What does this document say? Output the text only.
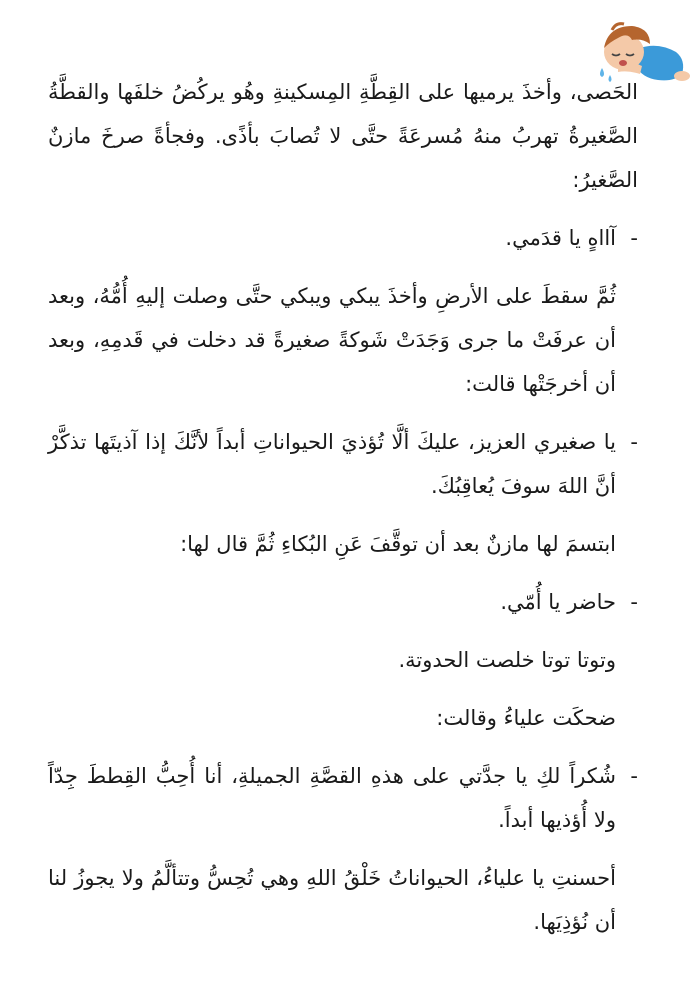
الحَصى، وأخذَ يرميها على القِطَّةِ المِسكينةِ وهُو يركُضُ خلفَها والقطَّةُ الصَّغيرةُ تهربُ منهُ مُسرعَةً حتَّى لا تُصابَ بأذًى. وفجأةً صرخَ مازنٌ الصَّغيرُ:

-
آااهٍ يا قدَمي.

ثُمَّ سقطَ على الأرضِ وأخذَ يبكي ويبكي حتَّى وصلت إليهِ أُمُّهُ، وبعد أن عرفَتْ ما جرى وَجَدَتْ شَوكةً صغيرةً قد دخلت في قَدمِهِ، وبعد أن أخرجَتْها قالت:

-
يا صغيري العزيز، عليكَ ألَّا تُؤذيَ الحيواناتِ أبداً لأنَّكَ إذا آذيتَها تذكَّرْ أنَّ اللهَ سوفَ يُعاقِبُكَ.

ابتسمَ لها مازنٌ بعد أن توقَّفَ عَنِ البُكاءِ ثُمَّ قال لها:

-
حاضر يا أُمّي.

وتوتا توتا خلصت الحدوتة.

ضحكَت علياءُ وقالت:

-
شُكراً لكِ يا جدَّتي على هذهِ القصَّةِ الجميلةِ، أنا أُحِبُّ القِططَ جِدّاً ولا أُؤذيها أبداً.

أحسنتِ يا علياءُ، الحيواناتُ خَلْقُ اللهِ وهي تُحِسُّ وتتألَّمُ ولا يجوزُ لنا أن نُؤذِيَها.
